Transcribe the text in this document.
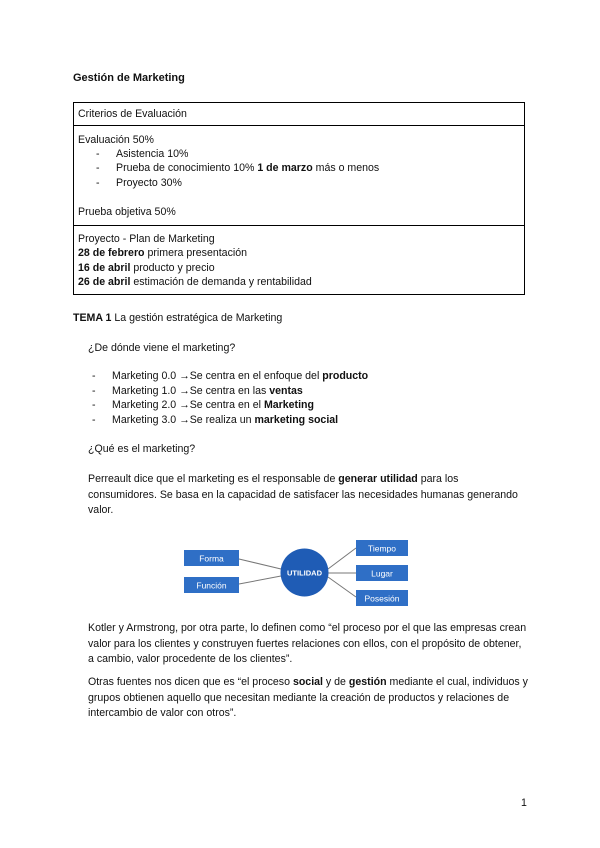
Gestión de Marketing
Criterios de Evaluación
Evaluación 50%
- Asistencia 10%
- Prueba de conocimiento 10% 1 de marzo más o menos
- Proyecto 30%
Prueba objetiva 50%
Proyecto - Plan de Marketing
28 de febrero primera presentación
16 de abril producto y precio
26 de abril estimación de demanda y rentabilidad
TEMA 1 La gestión estratégica de Marketing
¿De dónde viene el marketing?
- Marketing 0.0 →Se centra en el enfoque del producto
- Marketing 1.0 →Se centra en las ventas
- Marketing 2.0 →Se centra en el Marketing
- Marketing 3.0 →Se realiza un marketing social
¿Qué es el marketing?
Perreault dice que el marketing es el responsable de generar utilidad para los consumidores. Se basa en la capacidad de satisfacer las necesidades humanas generando valor.
Forma
Función
UTILIDAD
Tiempo
Lugar
Posesión
Kotler y Armstrong, por otra parte, lo definen como “el proceso por el que las empresas crean valor para los clientes y construyen fuertes relaciones con ellos, con el propósito de obtener, a cambio, valor procedente de los clientes”.
Otras fuentes nos dicen que es “el proceso social y de gestión mediante el cual, individuos y grupos obtienen aquello que necesitan mediante la creación de productos y relaciones de intercambio de valor con otros”.
1
